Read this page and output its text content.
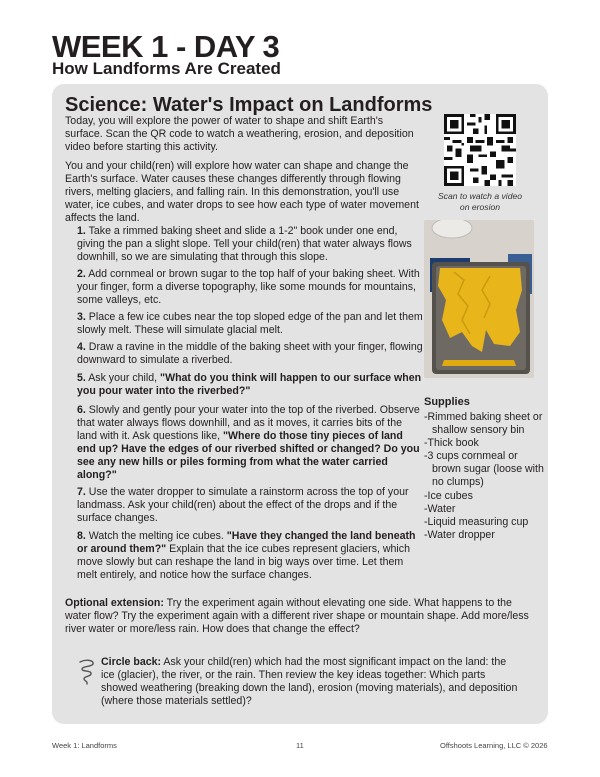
WEEK 1 - DAY 3
How Landforms Are Created
Science: Water's Impact on Landforms
Today, you will explore the power of water to shape and shift Earth's surface. Scan the QR code to watch a weathering, erosion, and deposition video before starting this activity.
You and your child(ren) will explore how water can shape and change the Earth's surface. Water causes these changes differently through flowing rivers, melting glaciers, and falling rain. In this demonstration, you'll use water, ice cubes, and water drops to see how each type of water movement affects the land.
Scan to watch a video on erosion
1. Take a rimmed baking sheet and slide a 1-2" book under one end, giving the pan a slight slope. Tell your child(ren) that water always flows downhill, so we are simulating that through this slope.
2. Add cornmeal or brown sugar to the top half of your baking sheet. With your finger, form a diverse topography, like some mounds for mountains, some valleys, etc.
3. Place a few ice cubes near the top sloped edge of the pan and let them slowly melt. These will simulate glacial melt.
4. Draw a ravine in the middle of the baking sheet with your finger, flowing downward to simulate a riverbed.
5. Ask your child, "What do you think will happen to our surface when you pour water into the riverbed?"
6. Slowly and gently pour your water into the top of the riverbed. Observe that water always flows downhill, and as it moves, it carries bits of the land with it. Ask questions like, "Where do those tiny pieces of land end up? Have the edges of our riverbed shifted or changed? Do you see any new hills or piles forming from what the water carried along?"
7. Use the water dropper to simulate a rainstorm across the top of your landmass. Ask your child(ren) about the effect of the drops and if the surface changes.
8. Watch the melting ice cubes. "Have they changed the land beneath or around them?" Explain that the ice cubes represent glaciers, which move slowly but can reshape the land in big ways over time. Let them melt entirely, and notice how the surface changes.
Supplies
-Rimmed baking sheet or shallow sensory bin
-Thick book
-3 cups cornmeal or brown sugar (loose with no clumps)
-Ice cubes
-Water
-Liquid measuring cup
-Water dropper
Optional extension: Try the experiment again without elevating one side. What happens to the water flow? Try the experiment again with a different river shape or mountain shape. Add more/less river water or more/less rain. How does that change the effect?
Circle back: Ask your child(ren) which had the most significant impact on the land: the ice (glacier), the river, or the rain. Then review the key ideas together: Which parts showed weathering (breaking down the land), erosion (moving materials), and deposition (where those materials settled)?
Week 1: Landforms	11	Offshoots Learning, LLC © 2026
